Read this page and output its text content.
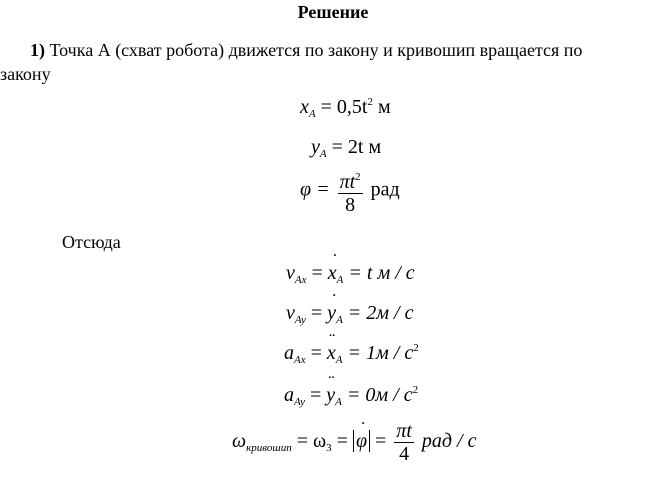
Решение
1) Точка А (схват робота) движется по закону и кривошип вращается по
закону
$x_A = 0,5t^2$ м
$y_A = 2t$ м
$\varphi = \frac{\pi t^2}{8}$ рад
Отсюда
$v_{Ax}$ = ˙ $x_A = t$ м / с
$v_{Ay}$ = ˙ $y_A = 2м / с$
$a_{Ax}$ = ¨ $x_A = 1м / с^2$
$a_{Ay}$ = ¨ $y_A = 0м / с^2$
$\omega_{кривошип} = \omega_3$ = ˙ $\varphi = \frac{\pi t}{4}$ рад / с
